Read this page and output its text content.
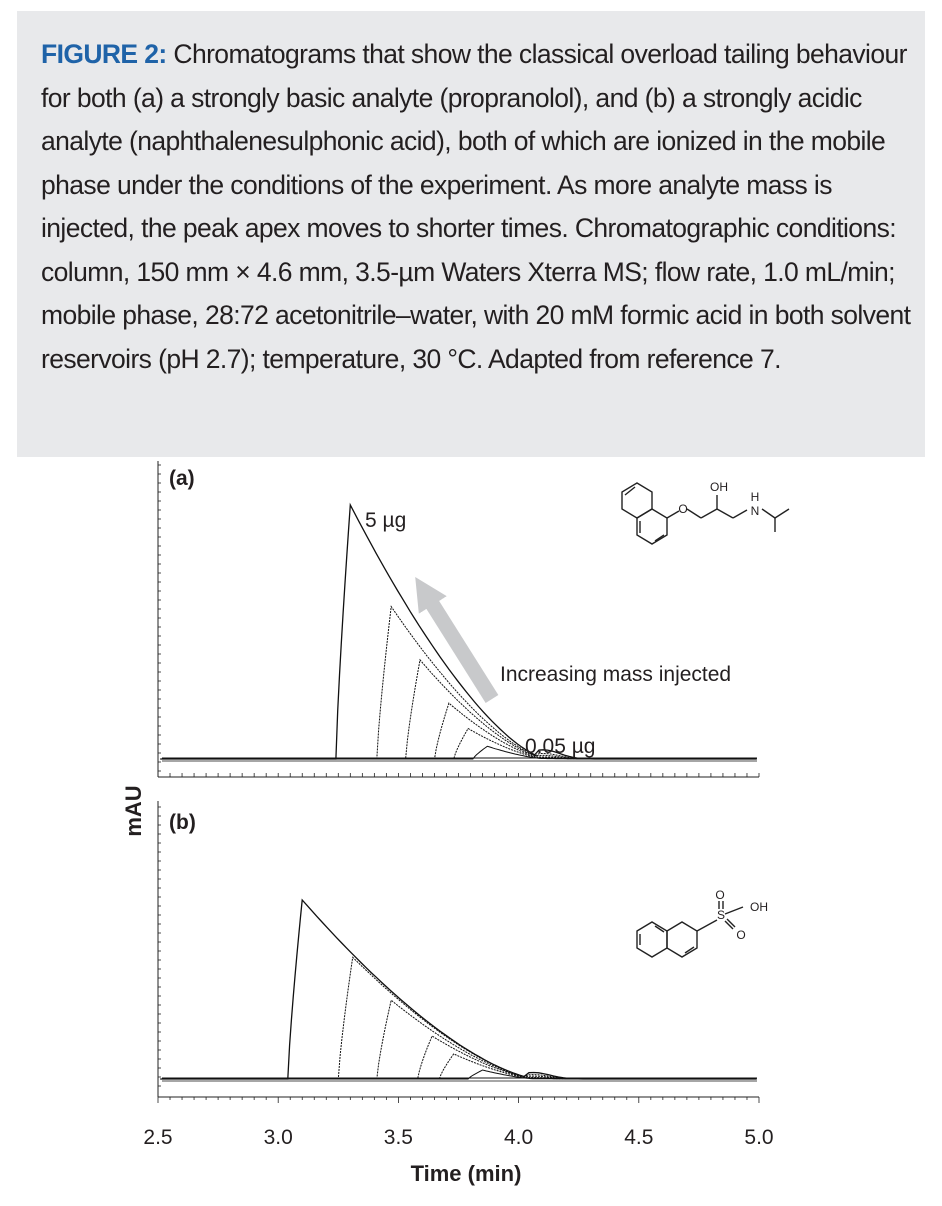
FIGURE 2: Chromatograms that show the classical overload tailing behaviour for both (a) a strongly basic analyte (propranolol), and (b) a strongly acidic analyte (naphthalenesulphonic acid), both of which are ionized in the mobile phase under the conditions of the experiment. As more analyte mass is injected, the peak apex moves to shorter times. Chromatographic conditions: column, 150 mm × 4.6 mm, 3.5-µm Waters Xterra MS; flow rate, 1.0 mL/min; mobile phase, 28:72 acetonitrile–water, with 20 mM formic acid in both solvent reservoirs (pH 2.7); temperature, 30 °C. Adapted from reference 7.

(a)
(b)
5 µg
Increasing mass injected
0.05 µg
mAU
Time (min)
2.5	3.0	3.5	4.0	4.5	5.0
O
OH
H
N
S
OH
O
O
